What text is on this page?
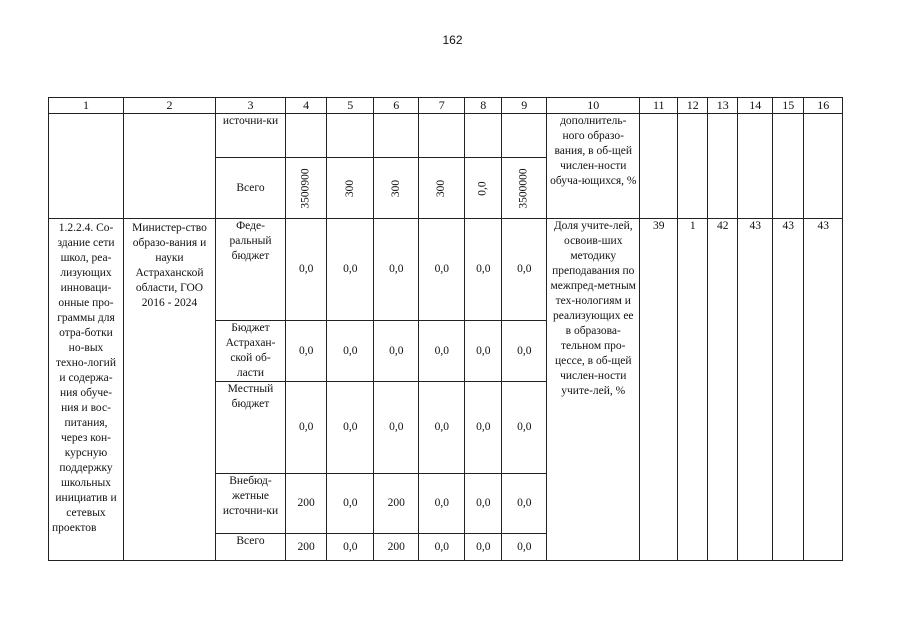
162
1	2	3	4	5	6	7	8	9	10	11	12	13	14	15	16
		источни-ки							дополнитель-ного образо-вания, в об-щей числен-ности обуча-ющихся, %						
		Всего	3500900	300	300	300	0,0	3500000							
1.2.2.4. Со-здание сети школ, реа-лизующих инноваци-онные про-граммы для отра-ботки но-вых техно-логий и содержа-ния обуче-ния и вос-питания, через кон-курсную поддержку школьных инициатив и сетевых проектов	Министер-ство образо-вания и науки Астраханской области, ГОО 2016 - 2024	Феде-ральный бюджет	0,0	0,0	0,0	0,0	0,0	0,0	Доля учите-лей, освоив-ших методику преподавания по межпред-метным тех-нологиям и реализующих ее в образова-тельном про-цессе, в об-щей числен-ности учите-лей, %	39	1	42	43	43	43
		Бюджет Астрахан-ской об-ласти	0,0	0,0	0,0	0,0	0,0	0,0							
		Местный бюджет	0,0	0,0	0,0	0,0	0,0	0,0							
		Внебюд-жетные источни-ки	200	0,0	200	0,0	0,0	0,0							
		Всего	200	0,0	200	0,0	0,0	0,0							
